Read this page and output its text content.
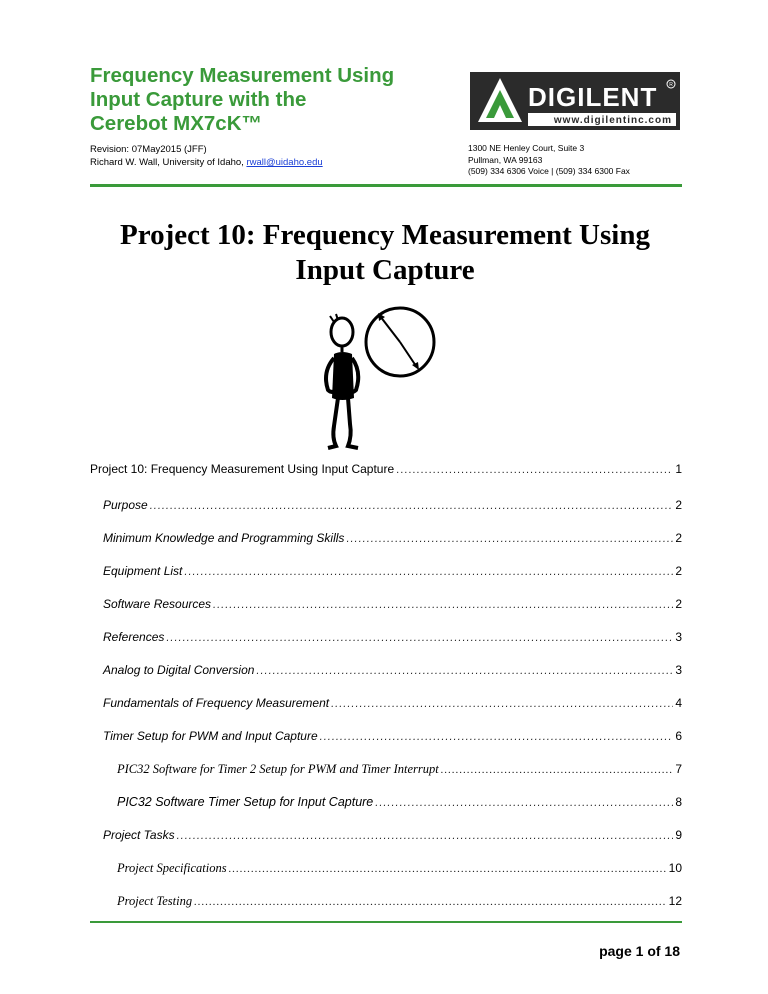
Frequency Measurement Using
Input Capture with the
Cerebot MX7cK™
Revision: 07May2015 (JFF)
Richard W. Wall, University of Idaho, rwall@uidaho.edu
DIGILENT R
www.digilentinc.com
1300 NE Henley Court, Suite 3
Pullman, WA 99163
(509) 334 6306 Voice | (509) 334 6300 Fax
Project 10: Frequency Measurement Using
Input Capture
Project 10: Frequency Measurement Using Input Capture .....	1
Purpose .....	2
Minimum Knowledge and Programming Skills .....	2
Equipment List .....	2
Software Resources .....	2
References .....	3
Analog to Digital Conversion .....	3
Fundamentals of Frequency Measurement .....	4
Timer Setup for PWM and Input Capture .....	6
PIC32 Software for Timer 2 Setup for PWM and Timer Interrupt .....	7
PIC32 Software Timer Setup for Input Capture .....	8
Project Tasks .....	9
Project Specifications .....	10
Project Testing .....	12
page 1 of 18
